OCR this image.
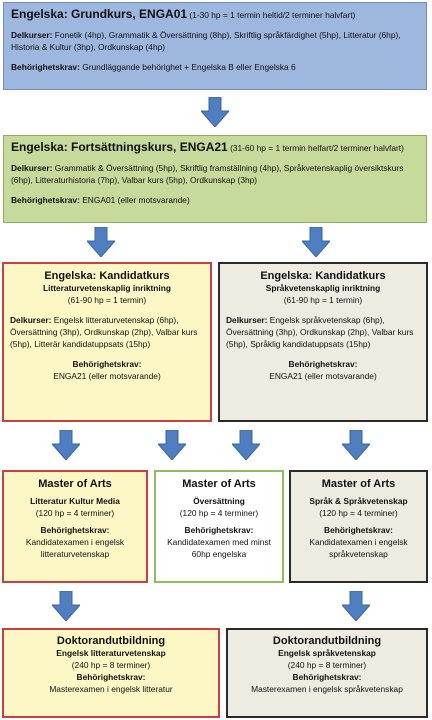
Engelska: Grundkurs, ENGA01 (1-30 hp = 1 termin heltid/2 terminer halvfart)

Delkurser: Fonetik (4hp), Grammatik & Översättning (8hp), Skriftlig språkfärdighet (5hp), Litteratur (6hp), Historia & Kultur (3hp), Ordkunskap (4hp)

Behörighetskrav: Grundläggande behörighet + Engelska B eller Engelska 6

Engelska: Fortsättningskurs, ENGA21 (31-60 hp = 1 termin helfart/2 terminer halvfart)

Delkurser: Grammatik & Översättning (5hp), Skriftlig framställning (4hp), Språkvetenskaplig översiktskurs (6hp), Litteraturhistoria (7hp), Valbar kurs (5hp), Ordkunskap (3hp)

Behörighetskrav: ENGA01 (eller motsvarande)

Engelska: Kandidatkurs

Litteraturvetenskaplig inriktning

(61-90 hp = 1 termin)

Delkurser: Engelsk litteraturvetenskap (6hp), Översättning (3hp), Ordkunskap (2hp), Valbar kurs (5hp), Litterär kandidatuppsats (15hp)

Behörighetskrav:

ENGA21 (eller motsvarande)

Engelska: Kandidatkurs

Språkvetenskaplig inriktning

(61-90 hp = 1 termin)

Delkurser: Engelsk språkvetenskap (6hp), Översättning (3hp), Ordkunskap (2hp), Valbar kurs (5hp), Språklig kandidatuppsats (15hp)

Behörighetskrav:

ENGA21 (eller motsvarande)

Master of Arts

Litteratur Kultur Media

(120 hp = 4 terminer)

Behörighetskrav:

Kandidatexamen i engelsk litteraturvetenskap

Master of Arts

Översättning

(120 hp = 4 terminer)

Behörighetskrav:

Kandidatexamen med minst 60hp engelska

Master of Arts

Språk & Språkvetenskap

(120 hp = 4 terminer)

Behörighetskrav:

Kandidatexamen i engelsk språkvetenskap

Doktorandutbildning

Engelsk litteraturvetenskap

(240 hp = 8 terminer)

Behörighetskrav:

Masterexamen i engelsk litteratur

Doktorandutbildning

Engelsk språkvetenskap

(240 hp = 8 terminer)

Behörighetskrav:

Masterexamen i engelsk språkvetenskap
